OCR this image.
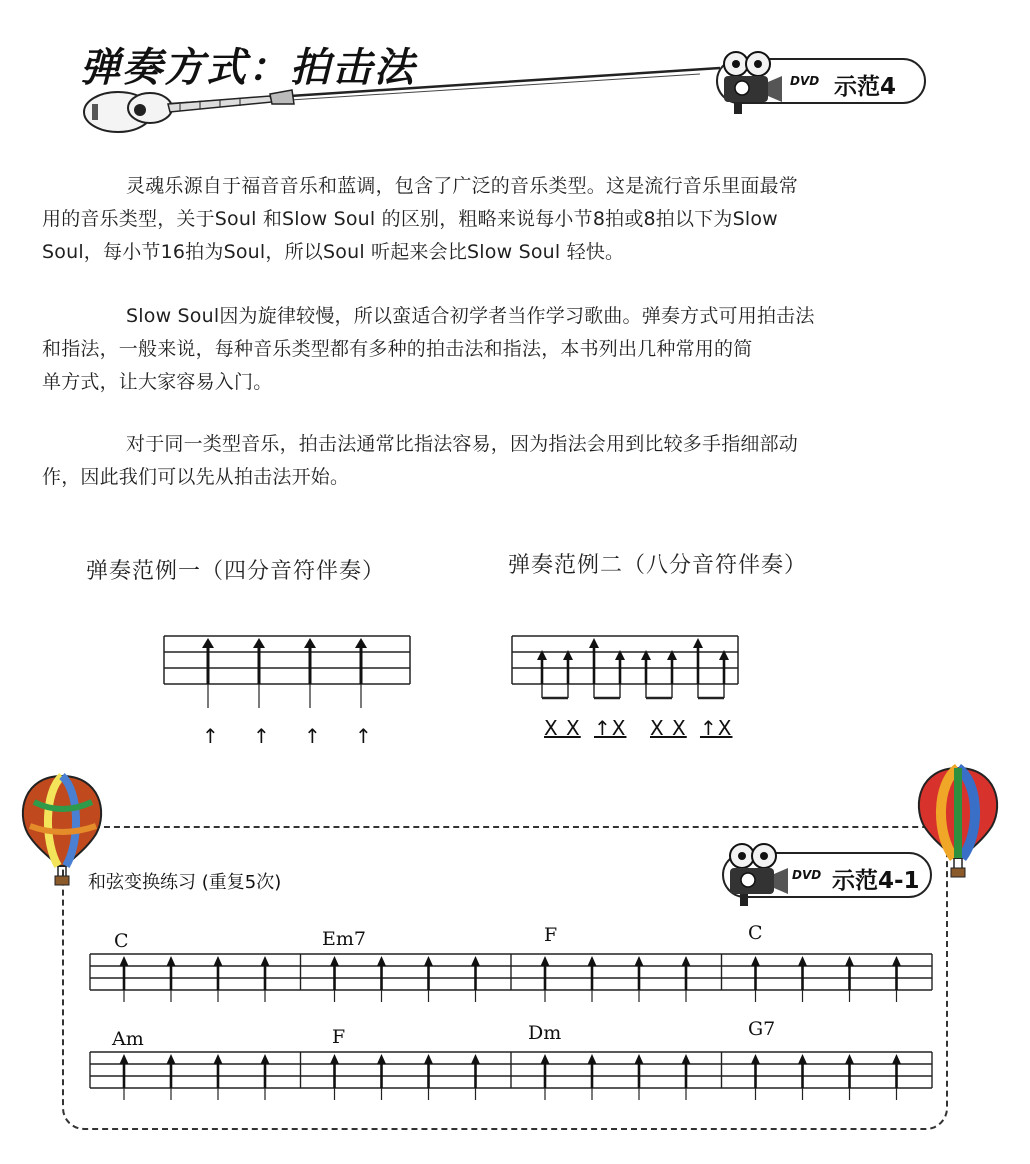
弹奏方式：拍击法	DVD 示范4
灵魂乐源自于福音音乐和蓝调，包含了广泛的音乐类型。这是流行音乐里面最常
用的音乐类型，关于Soul 和Slow Soul 的区别，粗略来说每小节8拍或8拍以下为Slow
Soul，每小节16拍为Soul，所以Soul 听起来会比Slow Soul 轻快。
Slow Soul因为旋律较慢，所以蛮适合初学者当作学习歌曲。弹奏方式可用拍击法
和指法，一般来说，每种音乐类型都有多种的拍击法和指法，本书列出几种常用的简
单方式，让大家容易入门。
对于同一类型音乐，拍击法通常比指法容易，因为指法会用到比较多手指细部动
作，因此我们可以先从拍击法开始。
弹奏范例一（四分音符伴奏）	弹奏范例二（八分音符伴奏）
↑ ↑ ↑ ↑	X X ↑X X X ↑X
和弦变换练习 (重复5次)	DVD 示范4-1
C	Em7	F	C
Am	F	Dm	G7
